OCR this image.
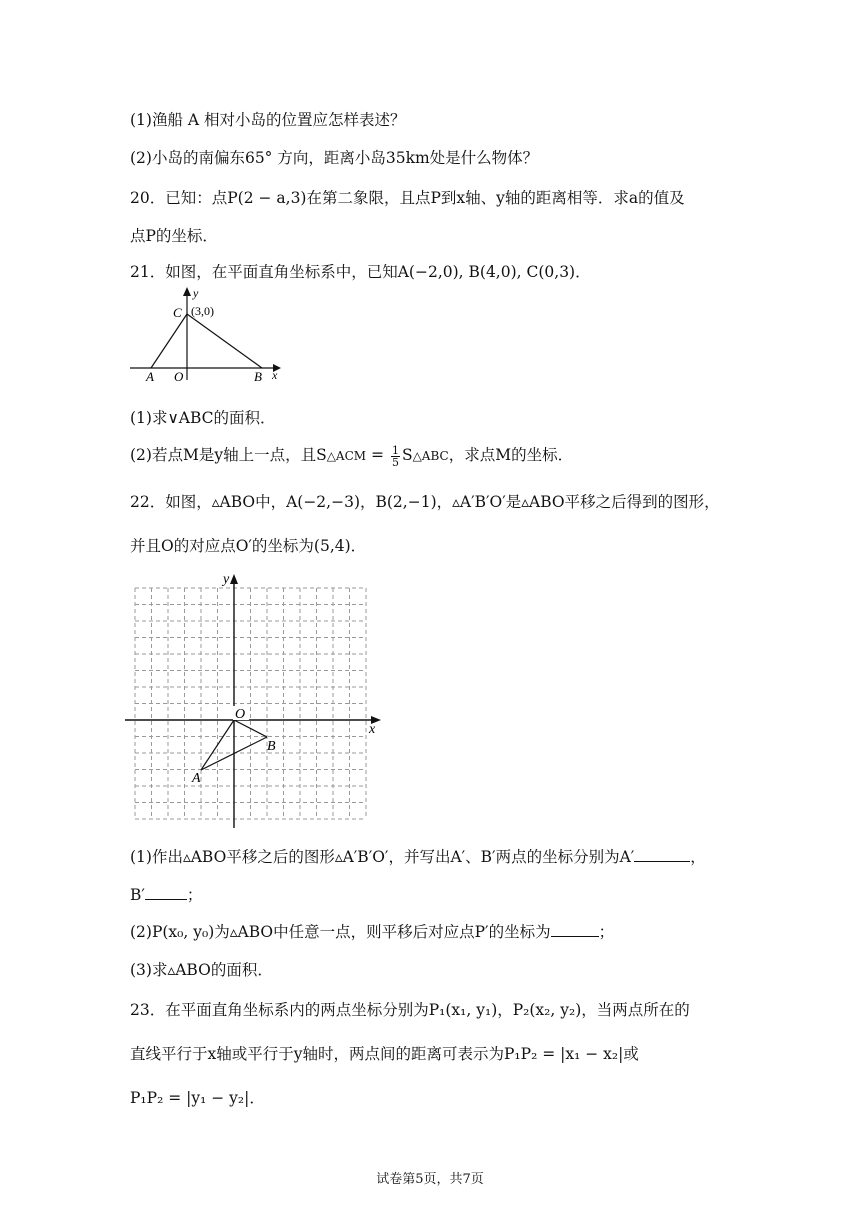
(1)渔船 A 相对小岛的位置应怎样表述？
(2)小岛的南偏东65° 方向，距离小岛35km处是什么物体？
20．已知：点P(2 − a,3)在第二象限，且点P到x轴、y轴的距离相等．求a的值及
点P的坐标．
21．如图，在平面直角坐标系中，已知A(−2,0), B(4,0), C(0,3)．
y
x
C (3,0)
A O	B
(1)求∨ABC的面积．
(2)若点M是y轴上一点，且S△ACM = $\frac{1}{5}$ S△ABC，求点M的坐标．
22．如图，▵ABO中，A(−2,−3)，B(2,−1)，▵A′B′O′是▵ABO平移之后得到的图形，
并且O的对应点O′的坐标为(5,4)．
y
x
O
A
B
(1)作出▵ABO平移之后的图形▵A′B′O′，并写出A′、B′两点的坐标分别为A′	，
B′	；
(2)P(x₀, y₀)为▵ABO中任意一点，则平移后对应点P′的坐标为	；
(3)求▵ABO的面积．
23．在平面直角坐标系内的两点坐标分别为P₁(x₁, y₁)，P₂(x₂, y₂)，当两点所在的
直线平行于x轴或平行于y轴时，两点间的距离可表示为P₁P₂ = |x₁ − x₂|或
P₁P₂ = |y₁ − y₂|．
试卷第5页，共7页
